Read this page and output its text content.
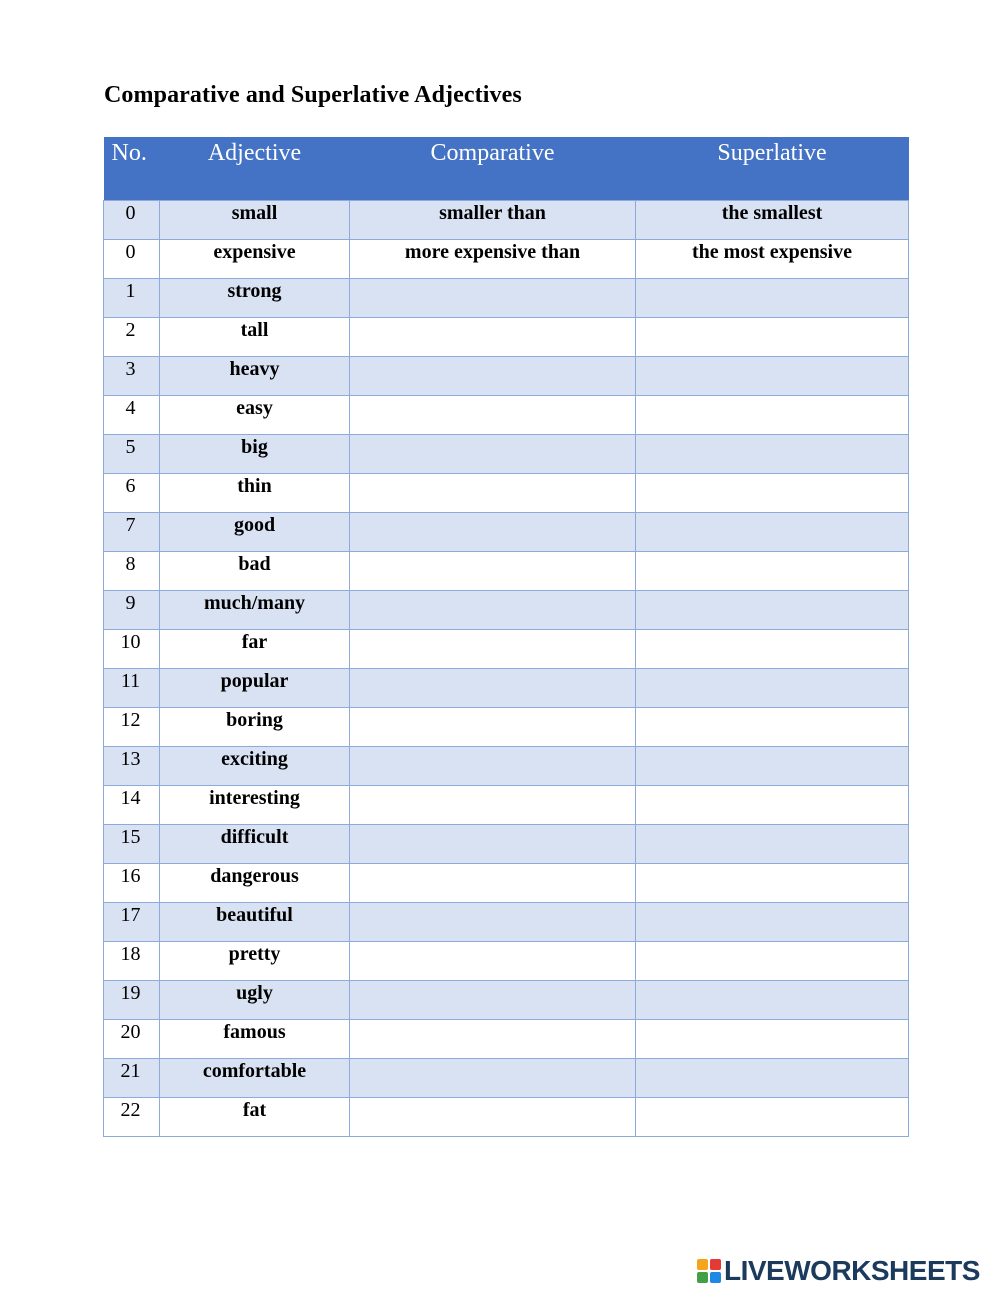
Comparative and Superlative Adjectives
No.	Adjective	Comparative	Superlative
0	small	smaller than	the smallest
0	expensive	more expensive than	the most expensive
1	strong		
2	tall		
3	heavy		
4	easy		
5	big		
6	thin		
7	good		
8	bad		
9	much/many		
10	far		
11	popular		
12	boring		
13	exciting		
14	interesting		
15	difficult		
16	dangerous		
17	beautiful		
18	pretty		
19	ugly		
20	famous		
21	comfortable		
22	fat		
LIVEWORKSHEETS
